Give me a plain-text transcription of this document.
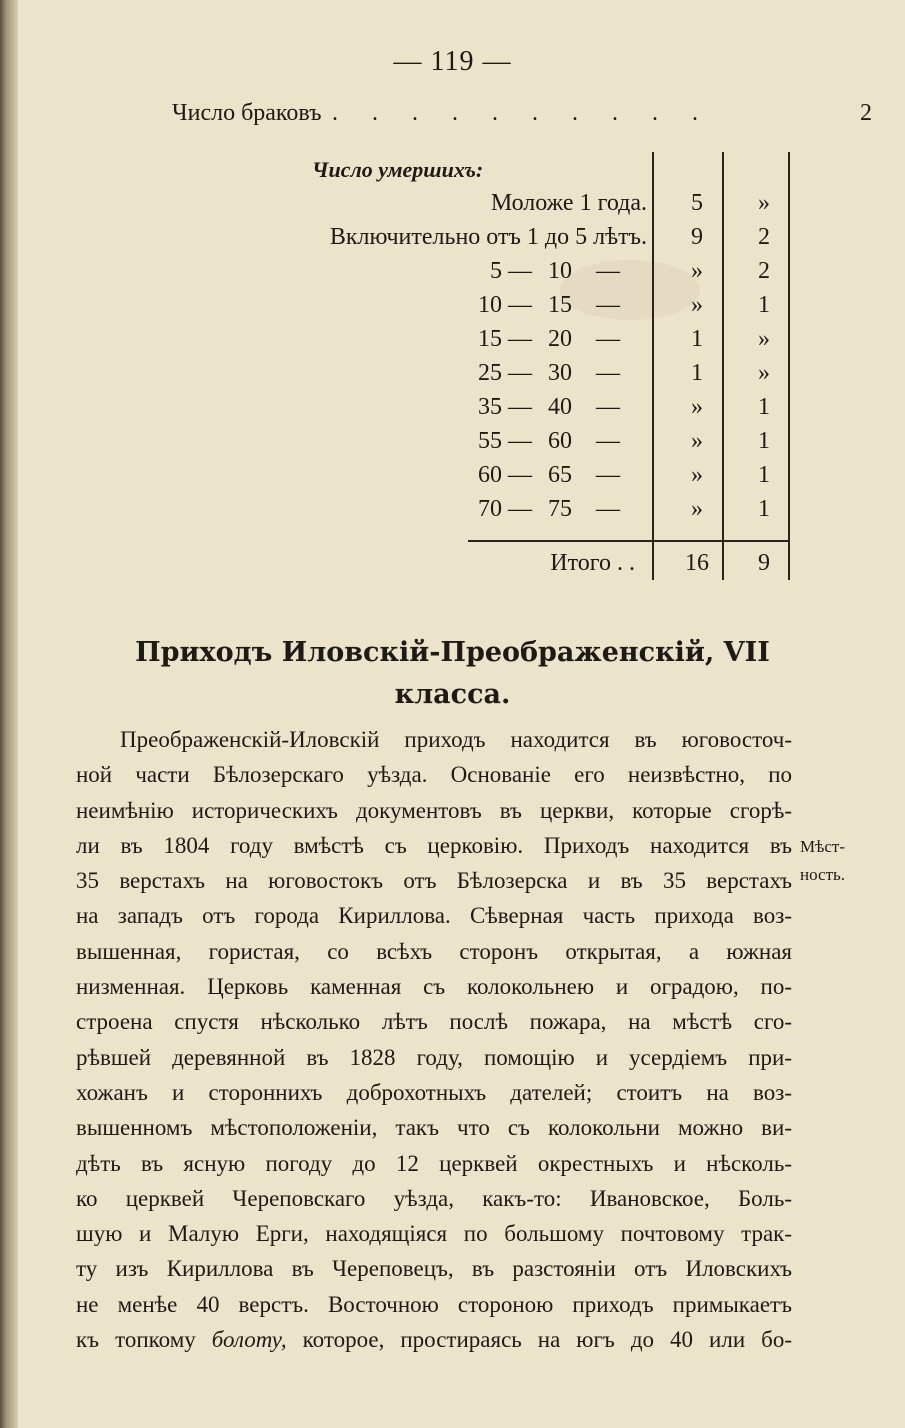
— 119 —
Число браковъ . . . . . . . . . .	2
Число умершихъ:
Моложе 1 года.	5	»
Включительно отъ 1 до 5 лѣтъ.	9	2
5 — 10 —	»	2
10 — 15 —	»	1
15 — 20 —	1	»
25 — 30 —	1	»
35 — 40 —	»	1
55 — 60 —	»	1
60 — 65 —	»	1
70 — 75 —	»	1
Итого . .	16	9
Приходъ Иловскій-Преображенскій, VII
класса.
Преображенскій-Иловскій приходъ находится въ юговосточ-
ной части Бѣлозерскаго уѣзда. Основаніе его неизвѣстно, по
неимѣнію историческихъ документовъ въ церкви, которые сгорѣ-
ли въ 1804 году вмѣстѣ съ церковію. Приходъ находится въ
35 верстахъ на юговостокъ отъ Бѣлозерска и въ 35 верстахъ
на западъ отъ города Кириллова. Сѣверная часть прихода воз-
вышенная, гористая, со всѣхъ сторонъ открытая, а южная
низменная. Церковь каменная съ колокольнею и оградою, по-
строена спустя нѣсколько лѣтъ послѣ пожара, на мѣстѣ сго-
рѣвшей деревянной въ 1828 году, помощію и усердіемъ при-
хожанъ и стороннихъ доброхотныхъ дателей; стоитъ на воз-
вышенномъ мѣстоположеніи, такъ что съ колокольни можно ви-
дѣть въ ясную погоду до 12 церквей окрестныхъ и нѣсколь-
ко церквей Череповскаго уѣзда, какъ-то: Ивановское, Боль-
шую и Малую Ерги, находящіяся по большому почтовому трак-
ту изъ Кириллова въ Череповецъ, въ разстояніи отъ Иловскихъ
не менѣе 40 верстъ. Восточною стороною приходъ примыкаетъ
къ топкому болоту, которое, простираясь на югъ до 40 или бо-
Мѣст-
ность.
